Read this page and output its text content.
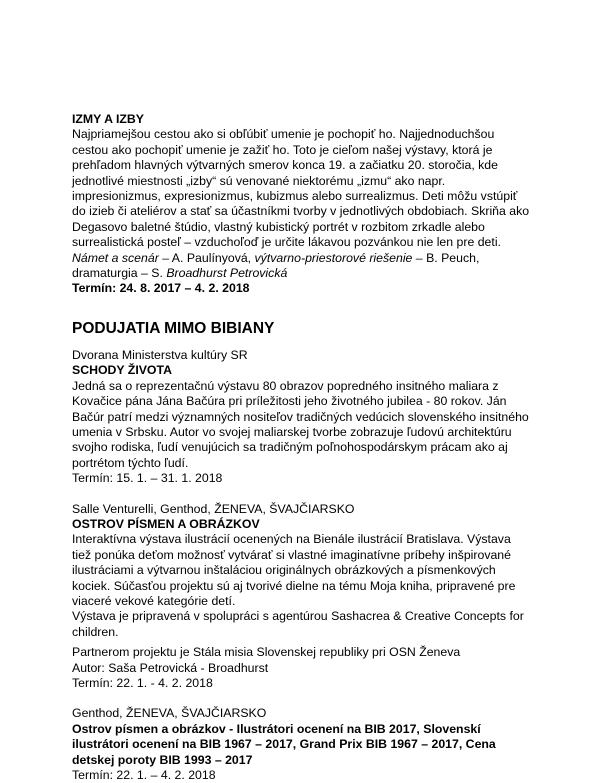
IZMY A IZBY

Najpriamejšou cestou ako si obľúbiť umenie je pochopiť ho. Najjednoduchšou cestou ako pochopiť umenie je zažiť ho. Toto je cieľom našej výstavy, ktorá je prehľadom hlavných výtvarných smerov konca 19. a začiatku 20. storočia, kde jednotlivé miestnosti „izby“ sú venované niektorému „izmu“ ako napr. impresionizmus, expresionizmus, kubizmus alebo surrealizmus. Deti môžu vstúpiť do izieb či ateliérov a stať sa účastníkmi tvorby v jednotlivých obdobiach. Skriňa ako Degasovo baletné štúdio, vlastný kubistický portrét v rozbitom zrkadle alebo surrealistická posteľ – vzduchoľoď je určite lákavou pozvánkou nie len pre deti.

Námet a scenár – A. Paulínyová, výtvarno-priestorové riešenie – B. Peuch, dramaturgia – S. Broadhurst Petrovická

Termín: 24. 8. 2017 – 4. 2. 2018
PODUJATIA MIMO BIBIANY
Dvorana Ministerstva kultúry SR
SCHODY ŽIVOTA

Jedná sa o reprezentačnú výstavu 80 obrazov popredného insitného maliara z Kovačice pána Jána Bačúra pri príležitosti jeho životného jubilea - 80 rokov. Ján Bačúr patrí medzi významných nositeľov tradičných vedúcich slovenského insitného umenia v Srbsku. Autor vo svojej maliarskej tvorbe zobrazuje ľudovú architektúru svojho rodiska, ľudí venujúcich sa tradičným poľnohospodárskym prácam ako aj portrétom týchto ľudí.

Termín: 15. 1. – 31. 1. 2018
Salle Venturelli, Genthod, ŽENEVA, ŠVAJČIARSKO
OSTROV PÍSMEN A OBRÁZKOV

Interaktívna výstava ilustrácií ocenených na Bienále ilustrácií Bratislava. Výstava tiež ponúka deťom možnosť vytvárať si vlastné imaginatívne príbehy inšpirované ilustráciami a výtvarnou inštaláciou originálnych obrázkových a písmenkových kociek. Súčasťou projektu sú aj tvorivé dielne na tému Moja kniha, pripravené pre viaceré vekové kategórie detí.

Výstava je pripravená v spolupráci s agentúrou Sashacrea & Creative Concepts for children.

Partnerom projektu je Stála misia Slovenskej republiky pri OSN Ženeva

Autor: Saša Petrovická - Broadhurst

Termín: 22. 1. - 4. 2. 2018
Genthod, ŽENEVA, ŠVAJČIARSKO
Ostrov písmen a obrázkov - Ilustrátori ocenení na BIB 2017, Slovenskí ilustrátori ocenení na BIB 1967 – 2017, Grand Prix BIB 1967 – 2017, Cena detskej poroty BIB 1993 – 2017
Termín: 22. 1. – 4. 2. 2018
